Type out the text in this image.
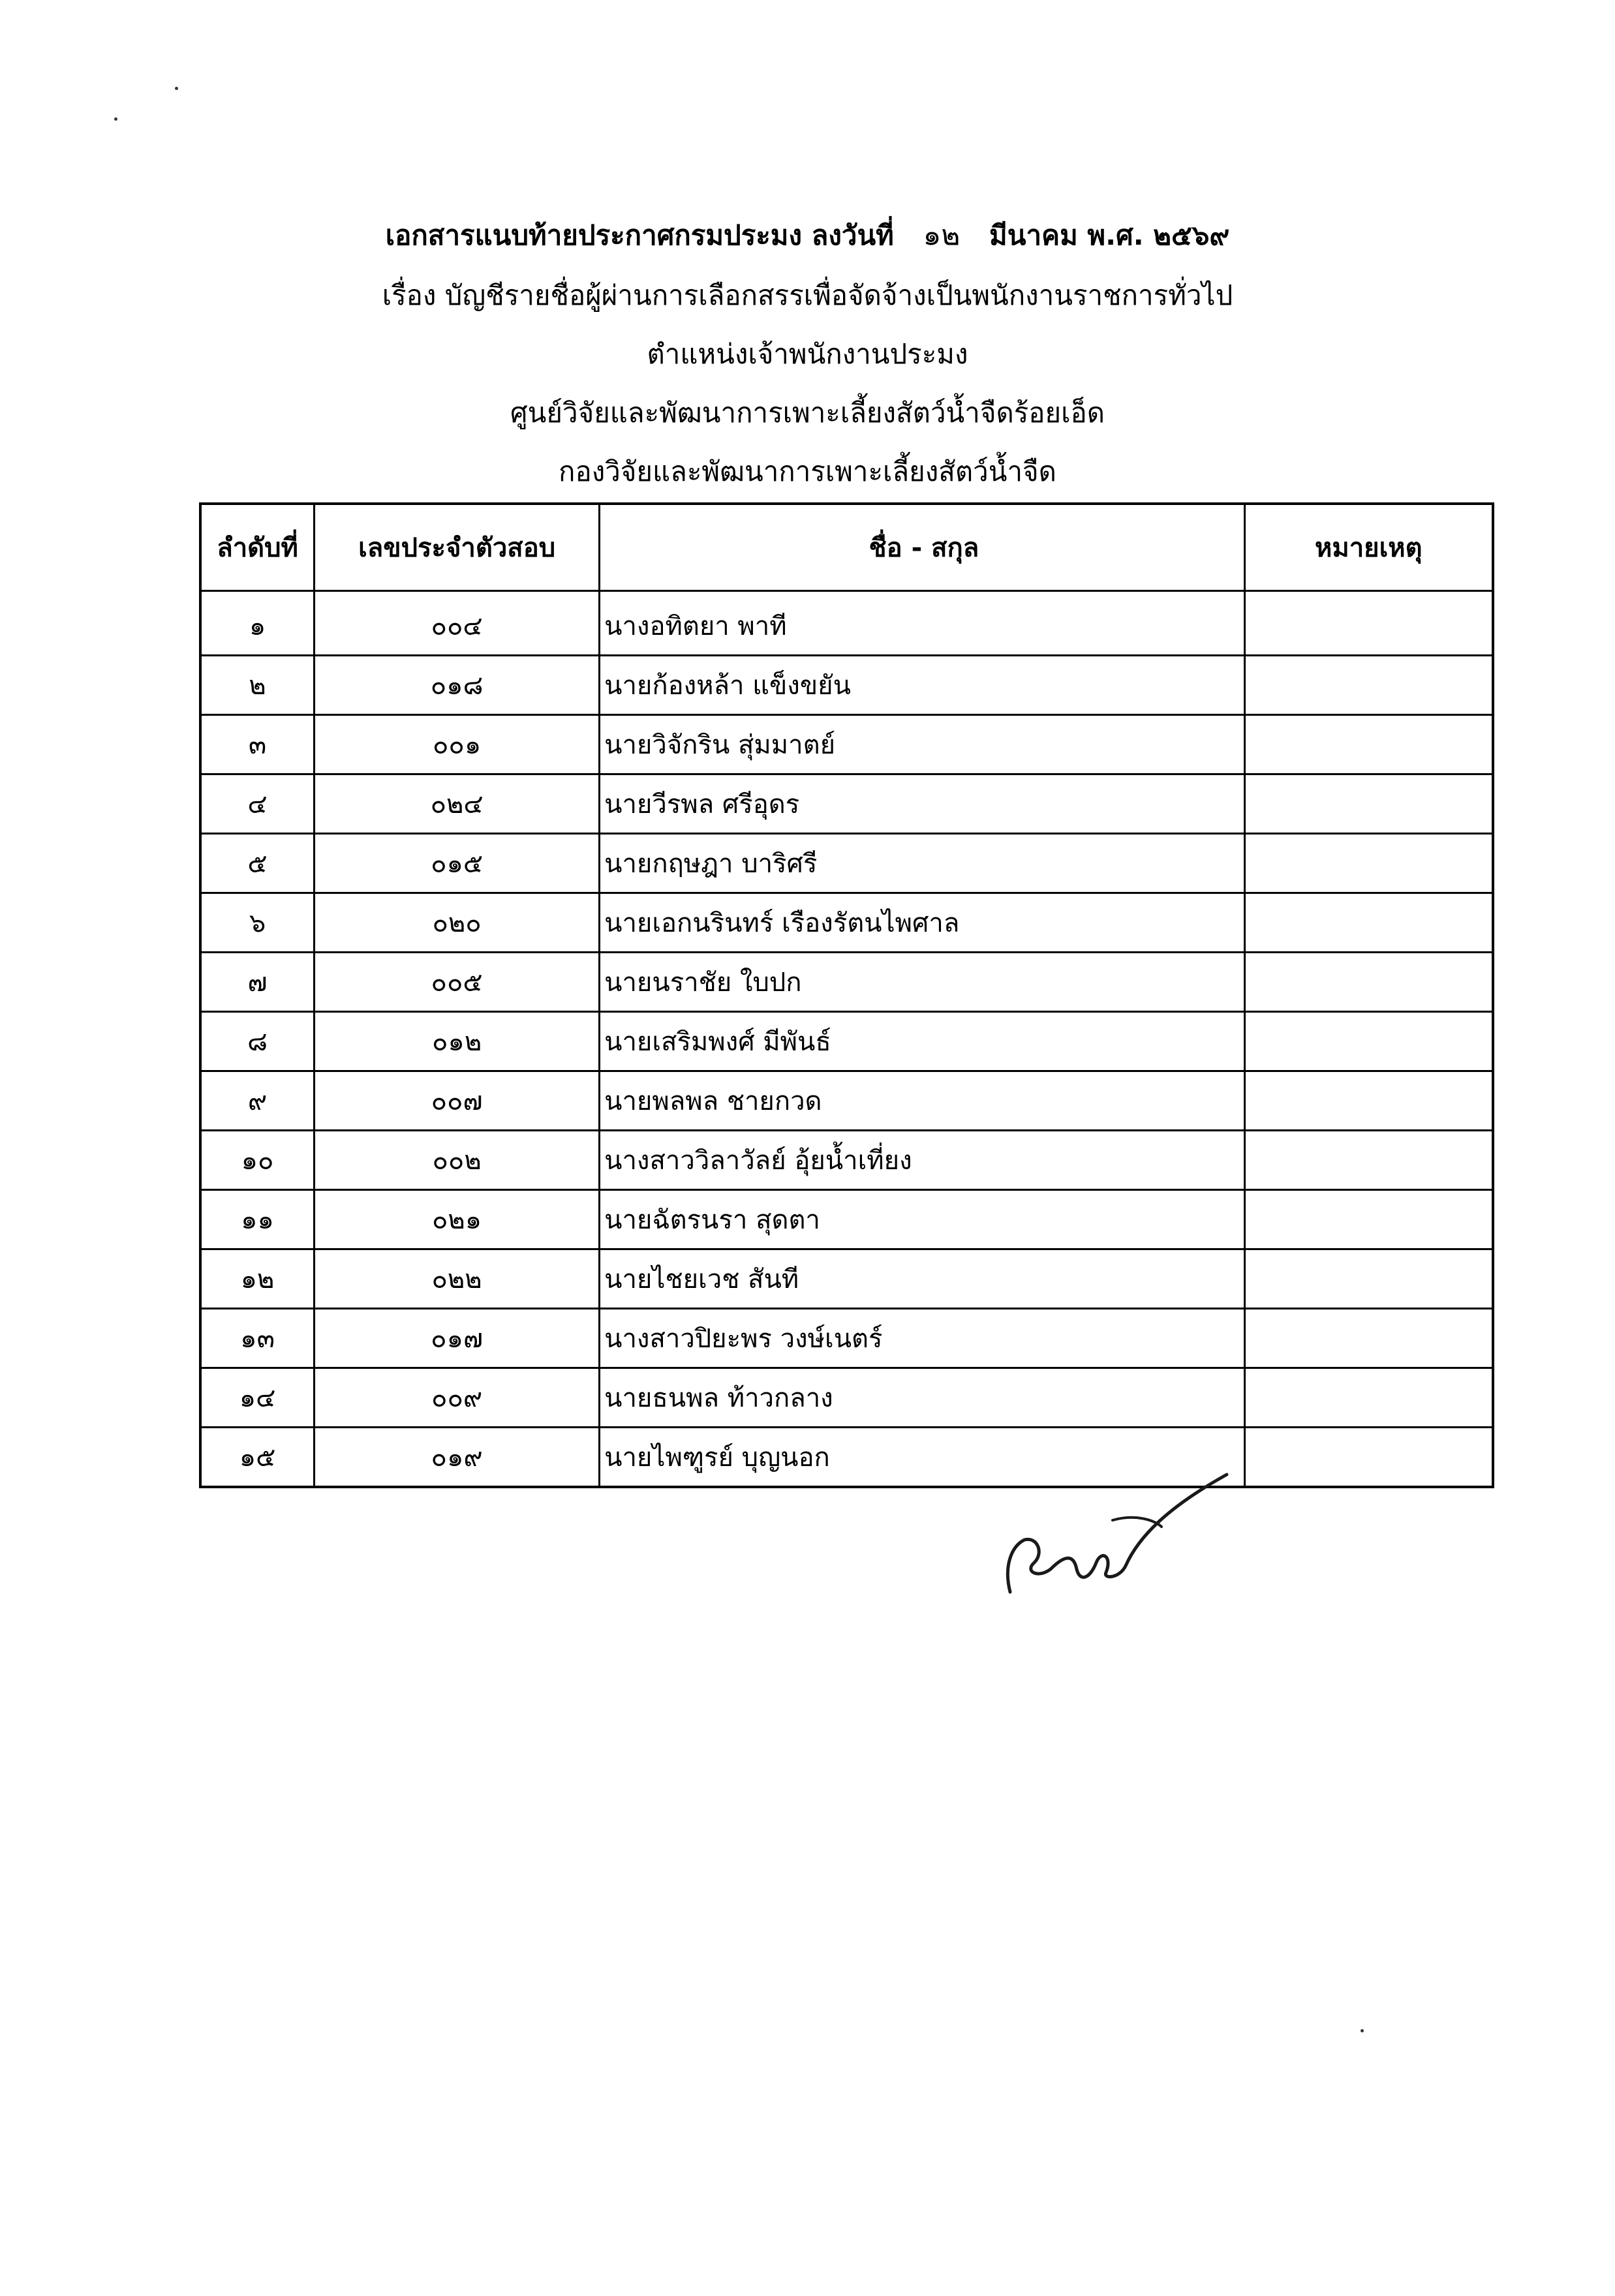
เอกสารแนบท้ายประกาศกรมประมง ลงวันที่ ๑๒ มีนาคม พ.ศ. ๒๕๖๙
เรื่อง บัญชีรายชื่อผู้ผ่านการเลือกสรรเพื่อจัดจ้างเป็นพนักงานราชการทั่วไป
ตำแหน่งเจ้าพนักงานประมง
ศูนย์วิจัยและพัฒนาการเพาะเลี้ยงสัตว์น้ำจืดร้อยเอ็ด
กองวิจัยและพัฒนาการเพาะเลี้ยงสัตว์น้ำจืด
ลำดับที่	เลขประจำตัวสอบ	ชื่อ - สกุล	หมายเหตุ
๑	๐๐๔	นางอทิตยา พาที	
๒	๐๑๘	นายก้องหล้า แข็งขยัน	
๓	๐๐๑	นายวิจักริน สุ่มมาตย์	
๔	๐๒๔	นายวีรพล ศรีอุดร	
๕	๐๑๕	นายกฤษฎา บาริศรี	
๖	๐๒๐	นายเอกนรินทร์ เรืองรัตนไพศาล	
๗	๐๐๕	นายนราชัย ใบปก	
๘	๐๑๒	นายเสริมพงศ์ มีพันธ์	
๙	๐๐๗	นายพลพล ชายกวด	
๑๐	๐๐๒	นางสาววิลาวัลย์ อุ้ยน้ำเที่ยง	
๑๑	๐๒๑	นายฉัตรนรา สุดตา	
๑๒	๐๒๒	นายไชยเวช สันที	
๑๓	๐๑๗	นางสาวปิยะพร วงษ์เนตร์	
๑๔	๐๐๙	นายธนพล ท้าวกลาง	
๑๕	๐๑๙	นายไพฑูรย์ บุญนอก	
